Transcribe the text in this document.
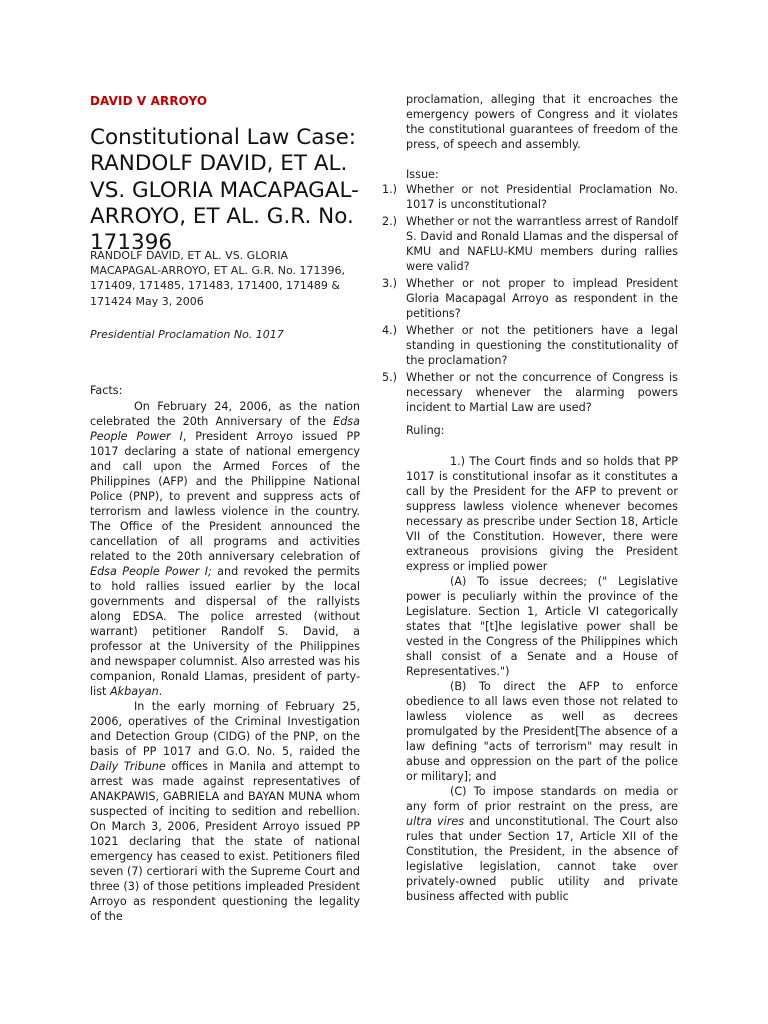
DAVID V ARROYO
Constitutional Law Case: RANDOLF DAVID, ET AL. VS. GLORIA MACAPAGAL-ARROYO, ET AL. G.R. No. 171396

RANDOLF DAVID, ET AL. VS. GLORIA MACAPAGAL-ARROYO, ET AL. G.R. No. 171396, 171409, 171485, 171483, 171400, 171489 & 171424 May 3, 2006

Presidential Proclamation No. 1017

Facts:

On February 24, 2006, as the nation celebrated the 20th Anniversary of the Edsa People Power I, President Arroyo issued PP 1017 declaring a state of national emergency and call upon the Armed Forces of the Philippines (AFP) and the Philippine National Police (PNP), to prevent and suppress acts of terrorism and lawless violence in the country. The Office of the President announced the cancellation of all programs and activities related to the 20th anniversary celebration of Edsa People Power I; and revoked the permits to hold rallies issued earlier by the local governments and dispersal of the rallyists along EDSA. The police arrested (without warrant) petitioner Randolf S. David, a professor at the University of the Philippines and newspaper columnist. Also arrested was his companion, Ronald Llamas, president of party-list Akbayan.

In the early morning of February 25, 2006, operatives of the Criminal Investigation and Detection Group (CIDG) of the PNP, on the basis of PP 1017 and G.O. No. 5, raided the Daily Tribune offices in Manila and attempt to arrest was made against representatives of ANAKPAWIS, GABRIELA and BAYAN MUNA whom suspected of inciting to sedition and rebellion. On March 3, 2006, President Arroyo issued PP 1021 declaring that the state of national emergency has ceased to exist. Petitioners filed seven (7) certiorari with the Supreme Court and three (3) of those petitions impleaded President Arroyo as respondent questioning the legality of the

proclamation, alleging that it encroaches the emergency powers of Congress and it violates the constitutional guarantees of freedom of the press, of speech and assembly.

Issue:

1.) Whether or not Presidential Proclamation No. 1017 is unconstitutional?
2.) Whether or not the warrantless arrest of Randolf S. David and Ronald Llamas and the dispersal of KMU and NAFLU-KMU members during rallies were valid?
3.) Whether or not proper to implead President Gloria Macapagal Arroyo as respondent in the petitions?
4.) Whether or not the petitioners have a legal standing in questioning the constitutionality of the proclamation?
5.) Whether or not the concurrence of Congress is necessary whenever the alarming powers incident to Martial Law are used?

Ruling:

1.) The Court finds and so holds that PP 1017 is constitutional insofar as it constitutes a call by the President for the AFP to prevent or suppress lawless violence whenever becomes necessary as prescribe under Section 18, Article VII of the Constitution. However, there were extraneous provisions giving the President express or implied power

(A) To issue decrees; (" Legislative power is peculiarly within the province of the Legislature. Section 1, Article VI categorically states that "[t]he legislative power shall be vested in the Congress of the Philippines which shall consist of a Senate and a House of Representatives.")

(B) To direct the AFP to enforce obedience to all laws even those not related to lawless violence as well as decrees promulgated by the President[The absence of a law defining "acts of terrorism" may result in abuse and oppression on the part of the police or military]; and

(C) To impose standards on media or any form of prior restraint on the press, are ultra vires and unconstitutional. The Court also rules that under Section 17, Article XII of the Constitution, the President, in the absence of legislative legislation, cannot take over privately-owned public utility and private business affected with public
